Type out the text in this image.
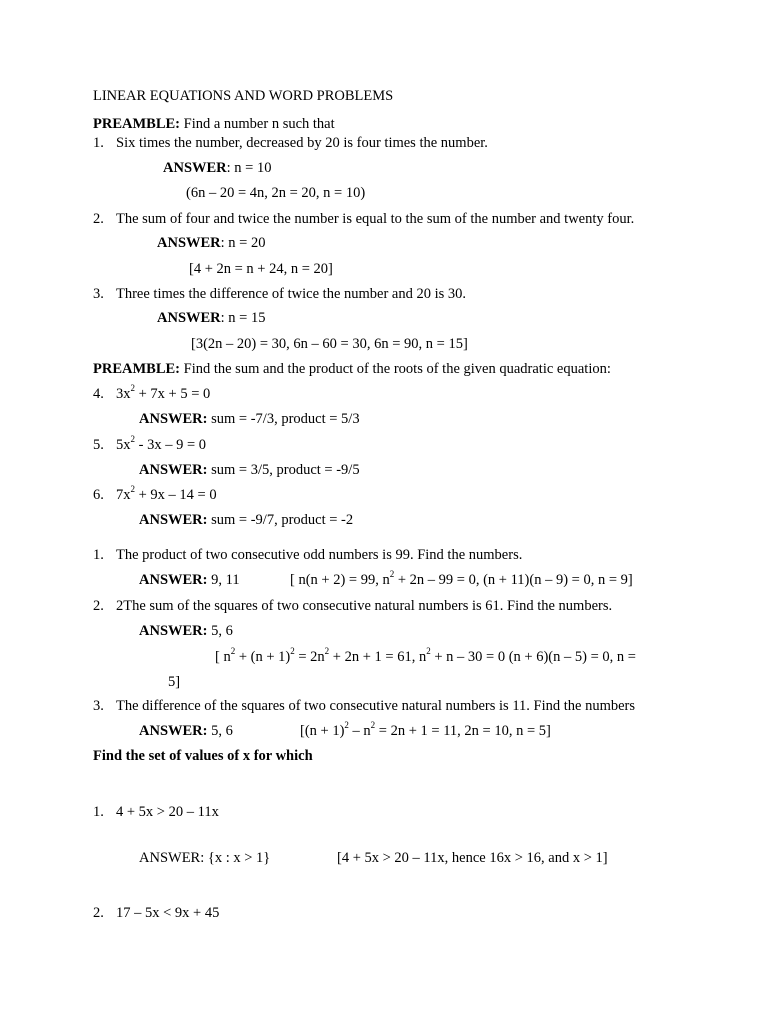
LINEAR EQUATIONS AND WORD PROBLEMS
PREAMBLE: Find a number n such that
1. Six times the number, decreased by 20 is four times the number.
ANSWER: n = 10
(6n – 20 = 4n, 2n = 20, n = 10)
2. The sum of four and twice the number is equal to the sum of the number and twenty four.
ANSWER: n = 20
[4 + 2n = n + 24, n = 20]
3. Three times the difference of twice the number and 20 is 30.
ANSWER: n = 15
[3(2n – 20) = 30, 6n – 60 = 30, 6n = 90, n = 15]
PREAMBLE: Find the sum and the product of the roots of the given quadratic equation:
4. $3x^2 + 7x + 5 = 0$
ANSWER: sum = -7/3, product = 5/3
5. $5x^2 - 3x - 9 = 0$
ANSWER: sum = 3/5, product = -9/5
6. $7x^2 + 9x - 14 = 0$
ANSWER: sum = -9/7, product = -2
1. The product of two consecutive odd numbers is 99. Find the numbers.
ANSWER: 9, 11	[ n(n + 2) = 99, $n^2 + 2n - 99 = 0$, (n + 11)(n – 9) = 0, n = 9]
2. 2The sum of the squares of two consecutive natural numbers is 61. Find the numbers.
ANSWER: 5, 6
[ $n^2 + (n + 1)^2 = 2n^2 + 2n + 1 = 61$, $n^2 + n - 30 = 0$ (n + 6)(n – 5) = 0, n =
5]
3. The difference of the squares of two consecutive natural numbers is 11. Find the numbers
ANSWER: 5, 6	[$(n + 1)^2 - n^2 = 2n + 1 = 11$, 2n = 10, n = 5]
Find the set of values of x for which
1. 4 + 5x > 20 – 11x
ANSWER: {x : x > 1}	[4 + 5x > 20 – 11x, hence 16x > 16, and x > 1]
2. 17 – 5x < 9x + 45
